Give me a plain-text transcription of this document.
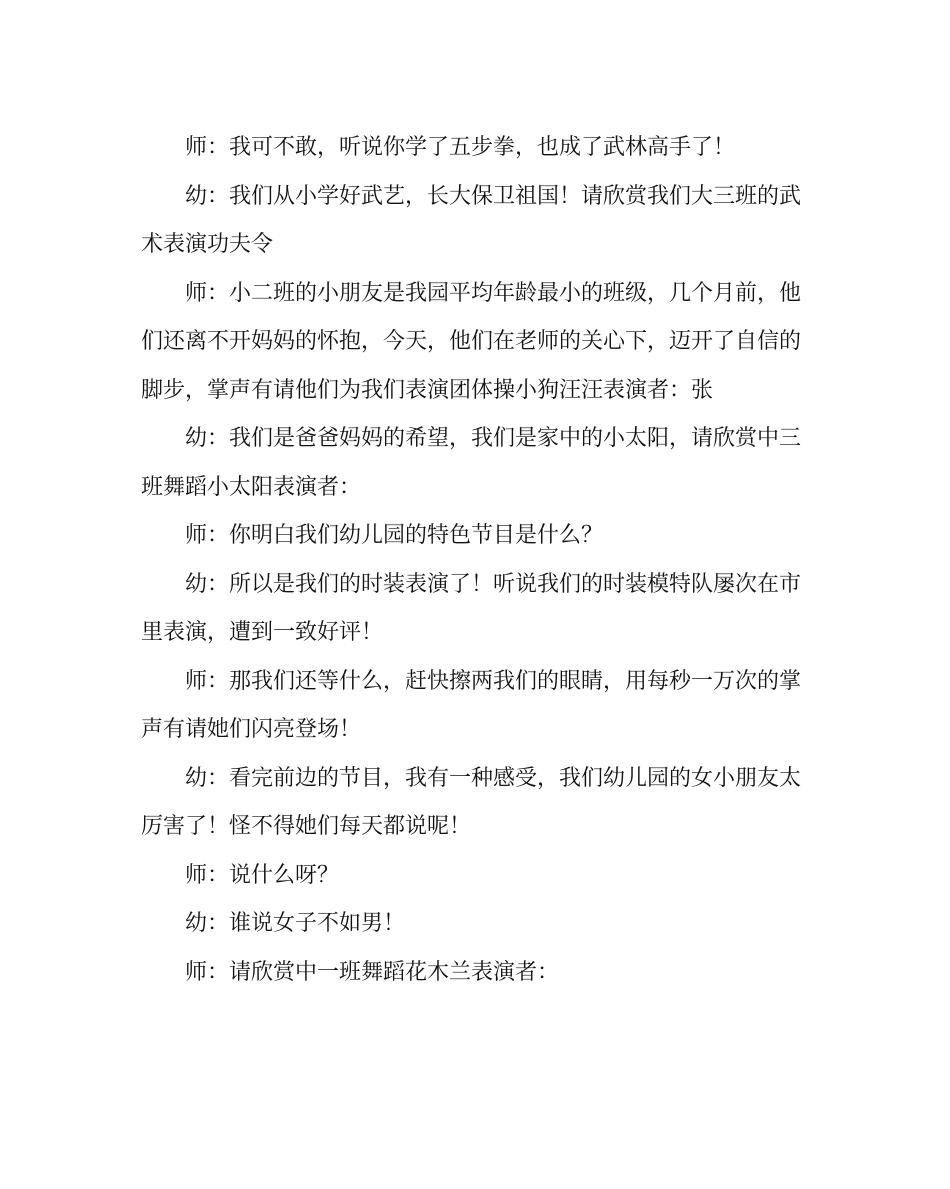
师：我可不敢，听说你学了五步拳，也成了武林高手了！

幼：我们从小学好武艺，长大保卫祖国！请欣赏我们大三班的武术表演功夫令

师：小二班的小朋友是我园平均年龄最小的班级，几个月前，他们还离不开妈妈的怀抱，今天，他们在老师的关心下，迈开了自信的脚步，掌声有请他们为我们表演团体操小狗汪汪表演者：张

幼：我们是爸爸妈妈的希望，我们是家中的小太阳，请欣赏中三班舞蹈小太阳表演者：

师：你明白我们幼儿园的特色节目是什么？

幼：所以是我们的时装表演了！听说我们的时装模特队屡次在市里表演，遭到一致好评！

师：那我们还等什么，赶快擦两我们的眼睛，用每秒一万次的掌声有请她们闪亮登场！

幼：看完前边的节目，我有一种感受，我们幼儿园的女小朋友太厉害了！怪不得她们每天都说呢！

师：说什么呀？

幼：谁说女子不如男！

师：请欣赏中一班舞蹈花木兰表演者：
